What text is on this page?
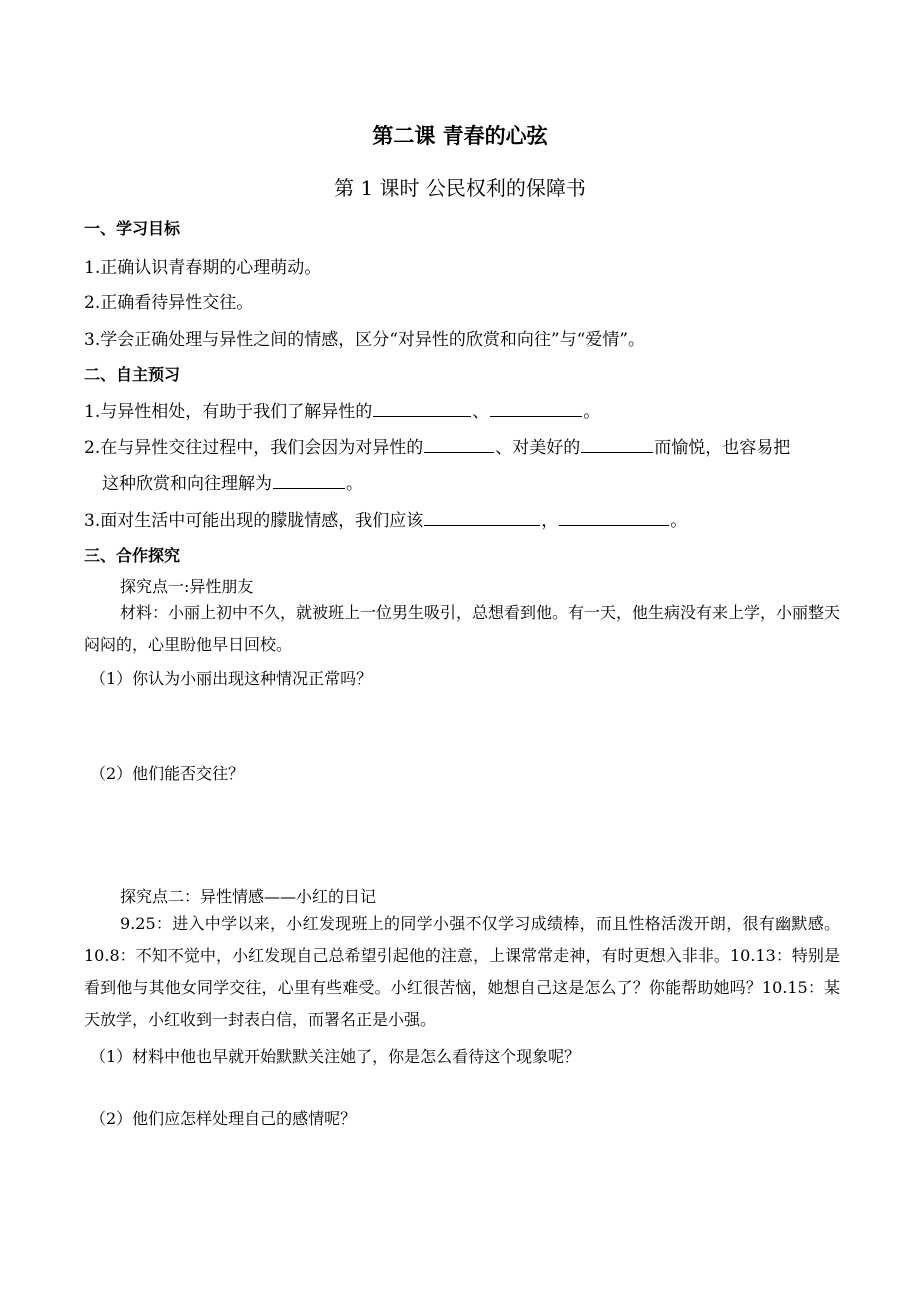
第二课 青春的心弦
第 1 课时 公民权利的保障书
一、学习目标
1.正确认识青春期的心理萌动。
2.正确看待异性交往。
3.学会正确处理与异性之间的情感，区分“对异性的欣赏和向往”与“爱情”。
二、自主预习
1.与异性相处，有助于我们了解异性的	、	。
2.在与异性交往过程中，我们会因为对异性的	、对美好的	而愉悦，也容易把
这种欣赏和向往理解为	。
3.面对生活中可能出现的朦胧情感，我们应该	，	。
三、合作探究
探究点一:异性朋友
材料：小丽上初中不久，就被班上一位男生吸引，总想看到他。有一天，他生病没有来上学，小丽整天闷闷的，心里盼他早日回校。
（1）你认为小丽出现这种情况正常吗？
（2）他们能否交往？
探究点二：异性情感——小红的日记
9.25：进入中学以来，小红发现班上的同学小强不仅学习成绩棒，而且性格活泼开朗，很有幽默感。10.8：不知不觉中，小红发现自己总希望引起他的注意，上课常常走神，有时更想入非非。10.13：特别是看到他与其他女同学交往，心里有些难受。小红很苦恼，她想自己这是怎么了？你能帮助她吗？10.15：某天放学，小红收到一封表白信，而署名正是小强。
（1）材料中他也早就开始默默关注她了，你是怎么看待这个现象呢？
（2）他们应怎样处理自己的感情呢？
